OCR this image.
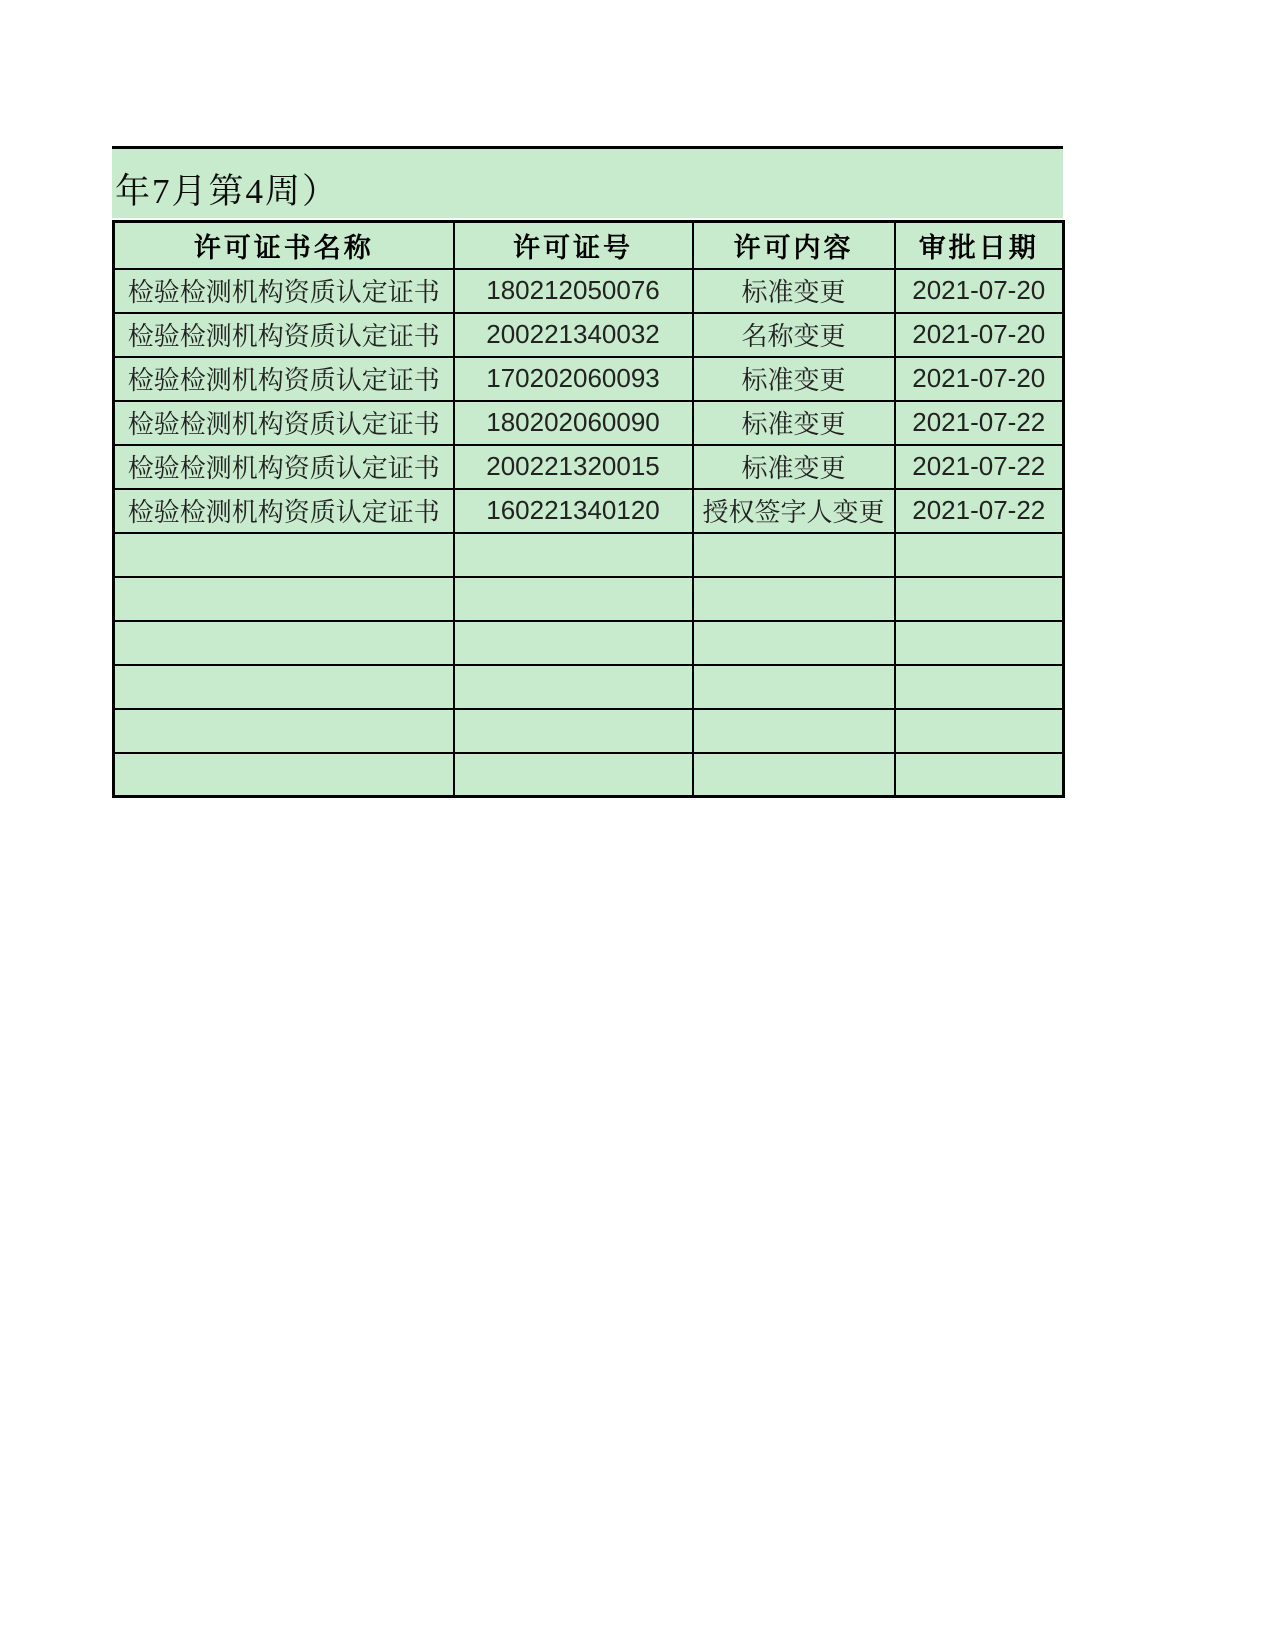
年7月第4周）
许可证书名称	许可证号	许可内容	审批日期
检验检测机构资质认定证书	180212050076	标准变更	2021-07-20
检验检测机构资质认定证书	200221340032	名称变更	2021-07-20
检验检测机构资质认定证书	170202060093	标准变更	2021-07-20
检验检测机构资质认定证书	180202060090	标准变更	2021-07-22
检验检测机构资质认定证书	200221320015	标准变更	2021-07-22
检验检测机构资质认定证书	160221340120	授权签字人变更	2021-07-22
